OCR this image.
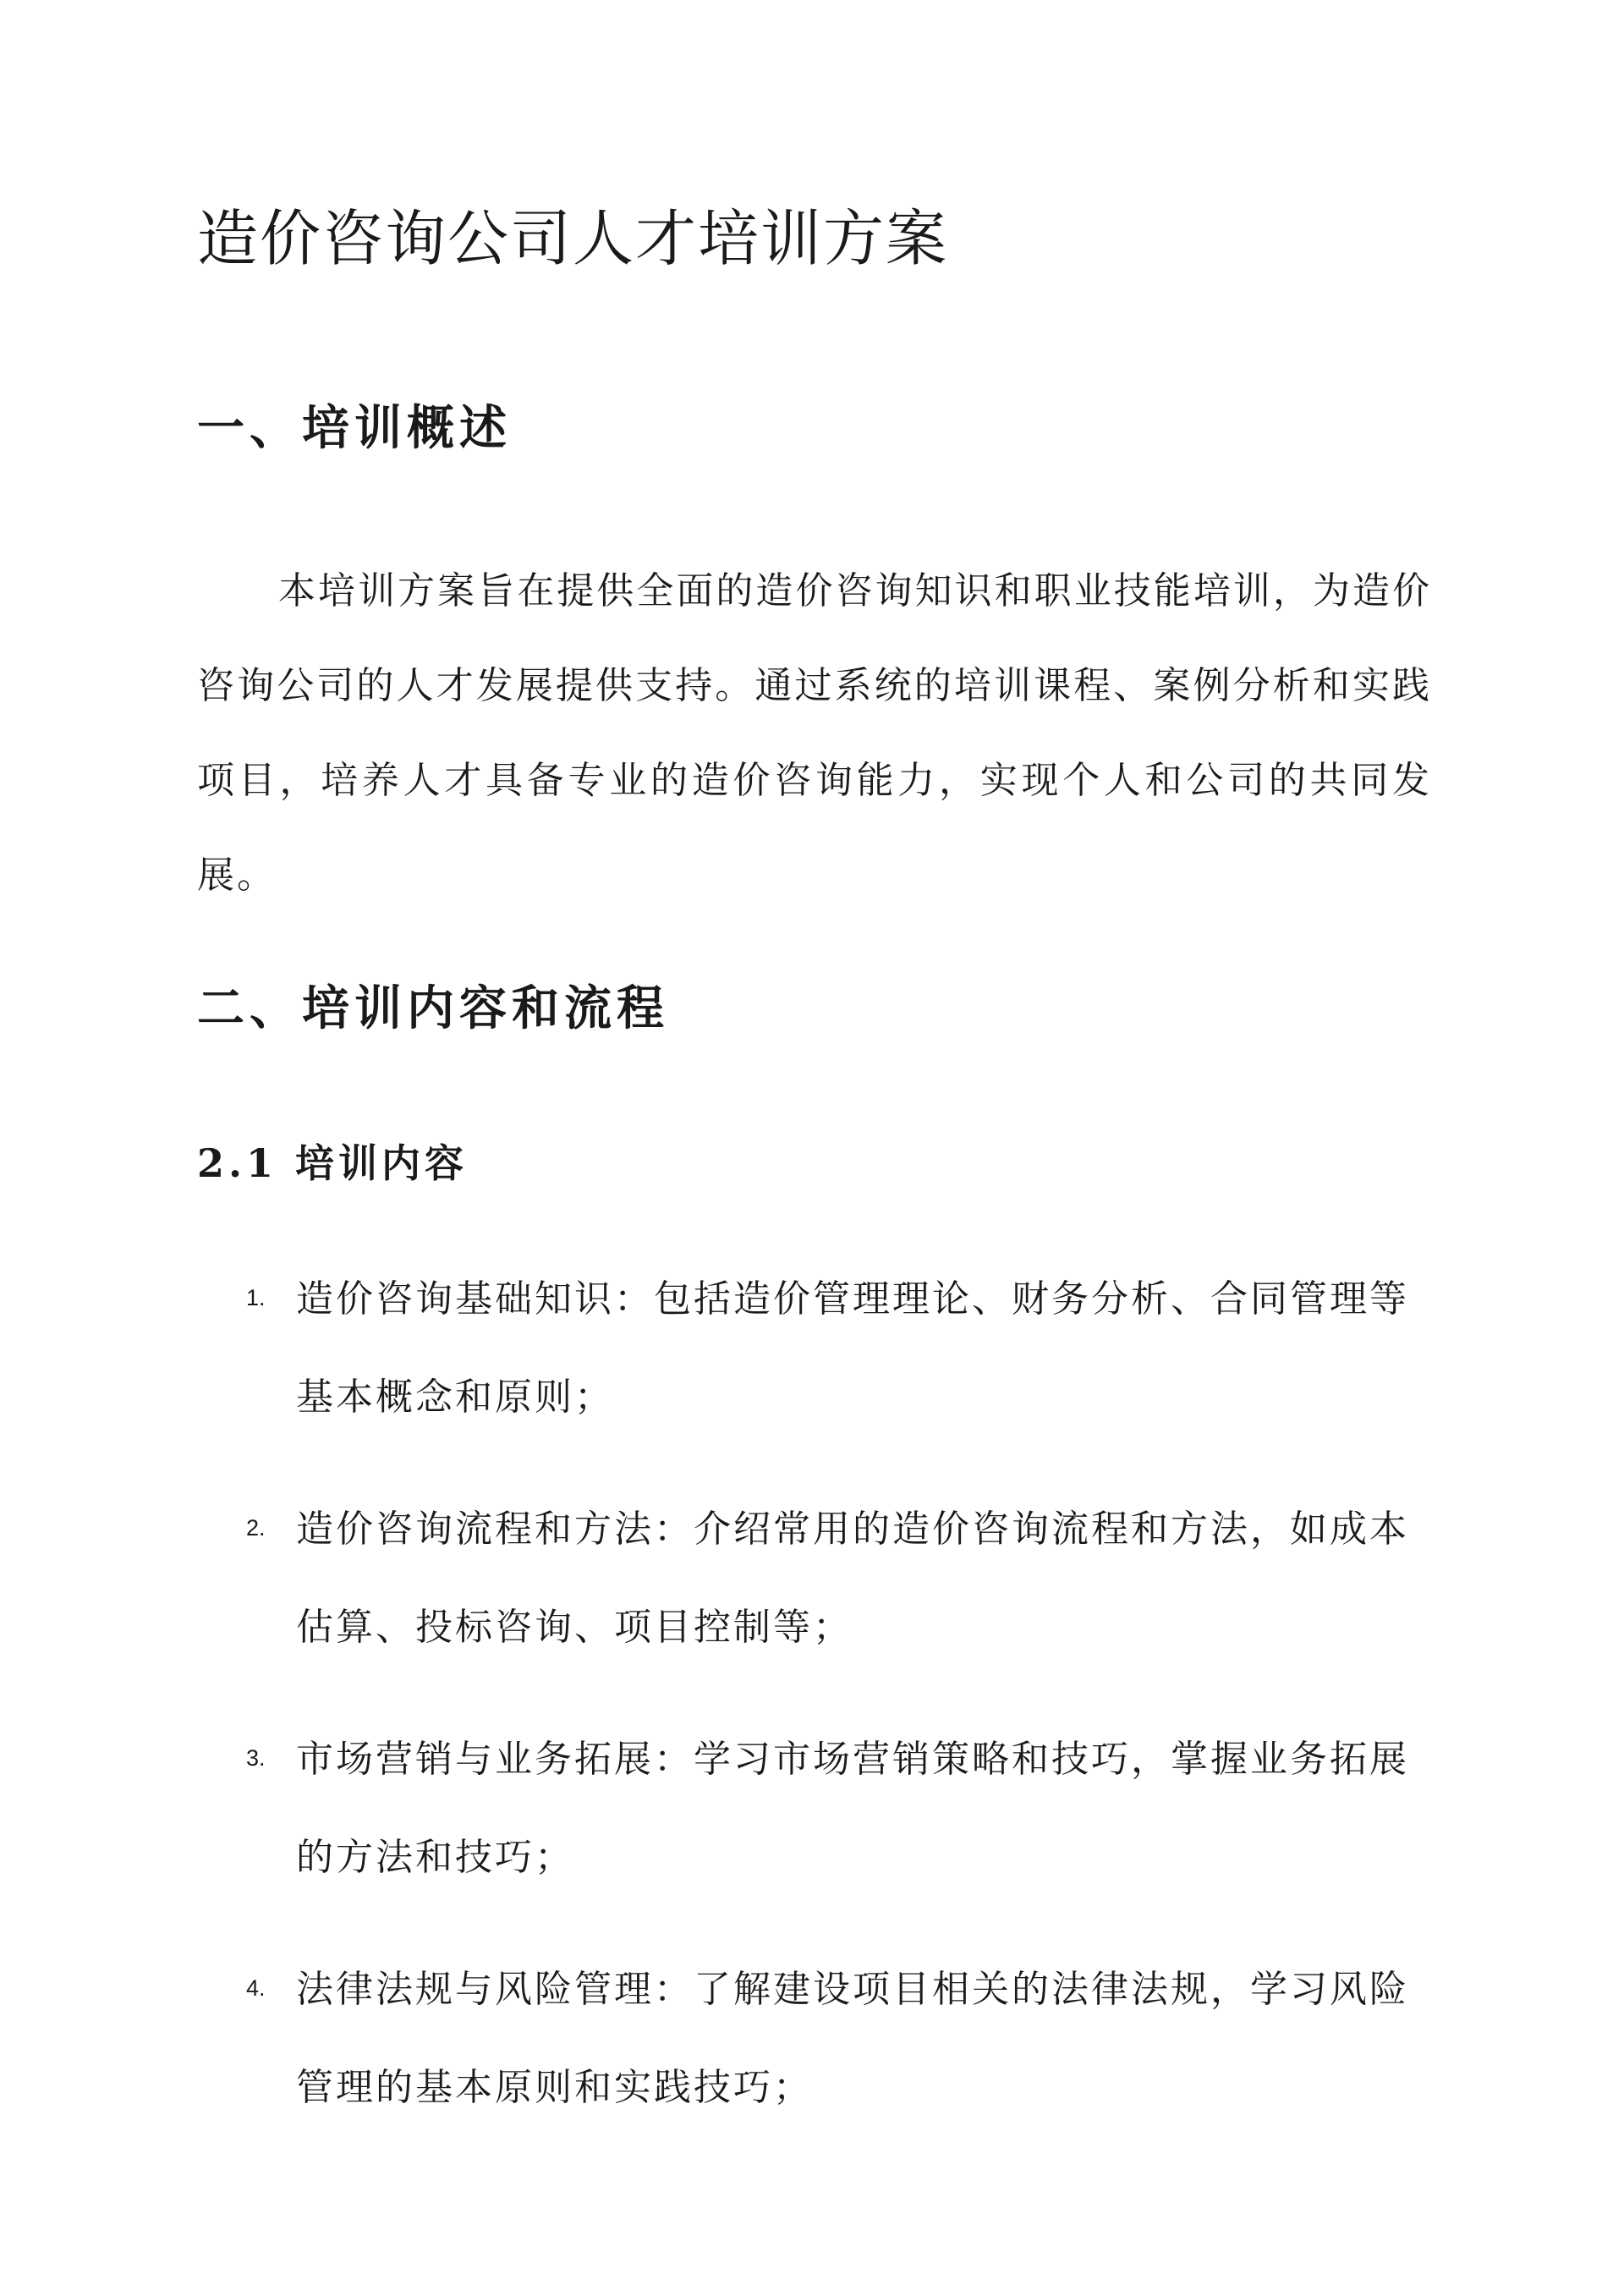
造价咨询公司人才培训方案
一、培训概述

本培训方案旨在提供全面的造价咨询知识和职业技能培训，为造价咨询公司的人才发展提供支持。通过系统的培训课程、案例分析和实践项目，培养人才具备专业的造价咨询能力，实现个人和公司的共同发展。

二、培训内容和流程
2.1 培训内容
1. 造价咨询基础知识：包括造价管理理论、财务分析、合同管理等基本概念和原则；
2. 造价咨询流程和方法：介绍常用的造价咨询流程和方法，如成本估算、投标咨询、项目控制等；
3. 市场营销与业务拓展：学习市场营销策略和技巧，掌握业务拓展的方法和技巧；
4. 法律法规与风险管理：了解建设项目相关的法律法规，学习风险管理的基本原则和实践技巧；
